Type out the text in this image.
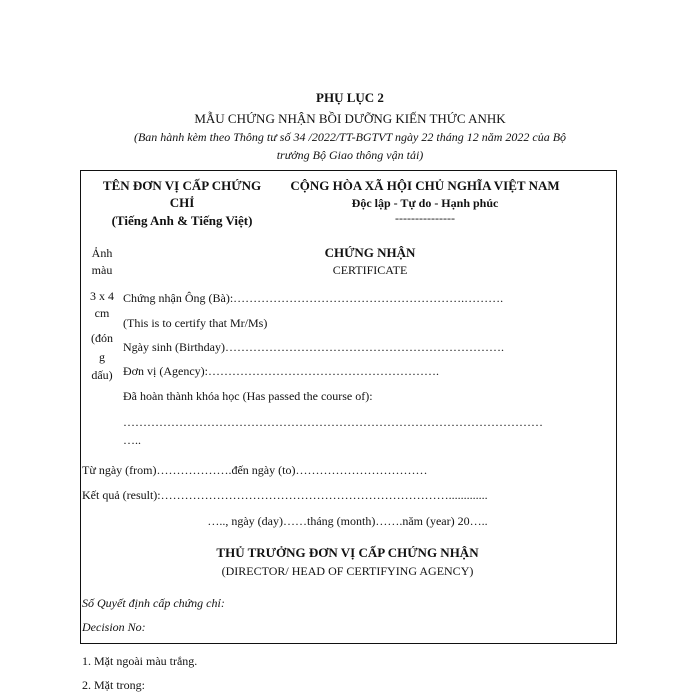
PHỤ LỤC 2
MẪU CHỨNG NHẬN BỒI DƯỠNG KIẾN THỨC ANHK
(Ban hành kèm theo Thông tư số 34 /2022/TT-BGTVT ngày 22 tháng 12 năm 2022 của Bộ
trưởng Bộ Giao thông vận tải)
TÊN ĐƠN VỊ CẤP CHỨNG
CHỈ
(Tiếng Anh & Tiếng Việt)
CỘNG HÒA XÃ HỘI CHỦ NGHĨA VIỆT NAM
Độc lập - Tự do - Hạnh phúc
---------------
Ảnh
màu
3 x 4
cm
(đón
g
dấu)
CHỨNG NHẬN
CERTIFICATE
Chứng nhận Ông (Bà):………………………………………………….……….
(This is to certify that Mr/Ms)
Ngày sinh (Birthday)…………………………………………………………….
Đơn vị (Agency):………………………………………………….
Đã hoàn thành khóa học (Has passed the course of):
……………………………………………………………………………………………
…..
Từ ngày (from)……………….đến ngày (to)……………………………
Kết quả (result):……………………………………………………………….............
….., ngày (day)……tháng (month)…….năm (year) 20…..
THỦ TRƯỞNG ĐƠN VỊ CẤP CHỨNG NHẬN
(DIRECTOR/ HEAD OF CERTIFYING AGENCY)
Số Quyết định cấp chứng chỉ:
Decision No:
1. Mặt ngoài màu trắng.
2. Mặt trong:
